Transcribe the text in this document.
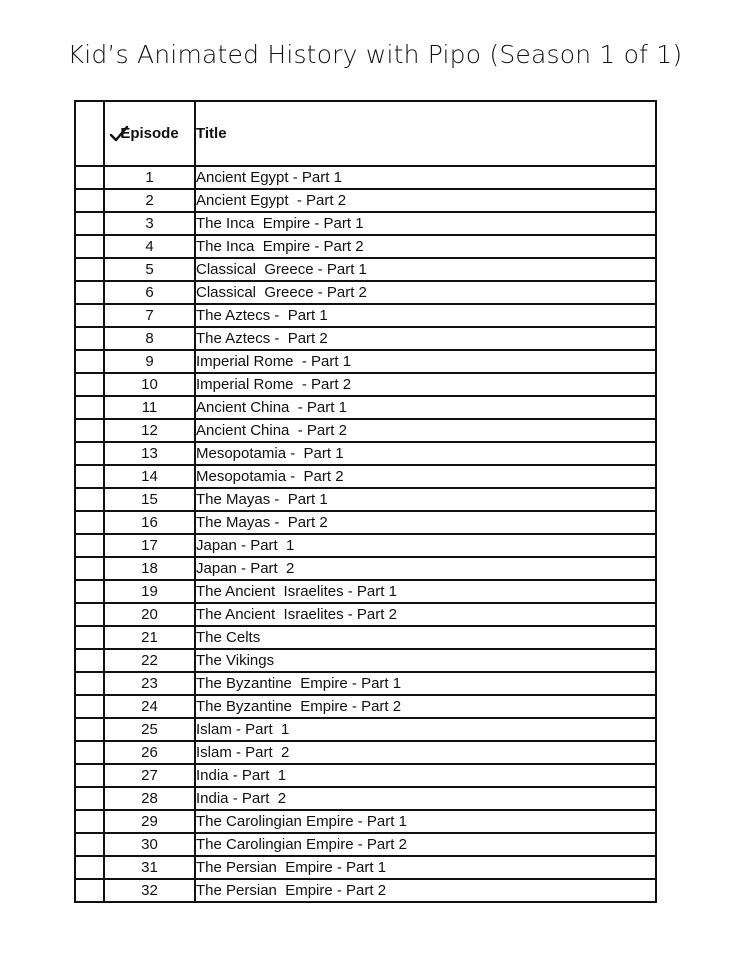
Kid’s Animated History with Pipo (Season 1 of 1)

	Episode	Title
	1	Ancient Egypt - Part 1
	2	Ancient Egypt  - Part 2
	3	The Inca  Empire - Part 1
	4	The Inca  Empire - Part 2
	5	Classical  Greece - Part 1
	6	Classical  Greece - Part 2
	7	The Aztecs -  Part 1
	8	The Aztecs -  Part 2
	9	Imperial Rome  - Part 1
	10	Imperial Rome  - Part 2
	11	Ancient China  - Part 1
	12	Ancient China  - Part 2
	13	Mesopotamia -  Part 1
	14	Mesopotamia -  Part 2
	15	The Mayas -  Part 1
	16	The Mayas -  Part 2
	17	Japan - Part  1
	18	Japan - Part  2
	19	The Ancient  Israelites - Part 1
	20	The Ancient  Israelites - Part 2
	21	The Celts
	22	The Vikings
	23	The Byzantine  Empire - Part 1
	24	The Byzantine  Empire - Part 2
	25	Islam - Part  1
	26	Islam - Part  2
	27	India - Part  1
	28	India - Part  2
	29	The Carolingian Empire - Part 1
	30	The Carolingian Empire - Part 2
	31	The Persian  Empire - Part 1
	32	The Persian  Empire - Part 2
